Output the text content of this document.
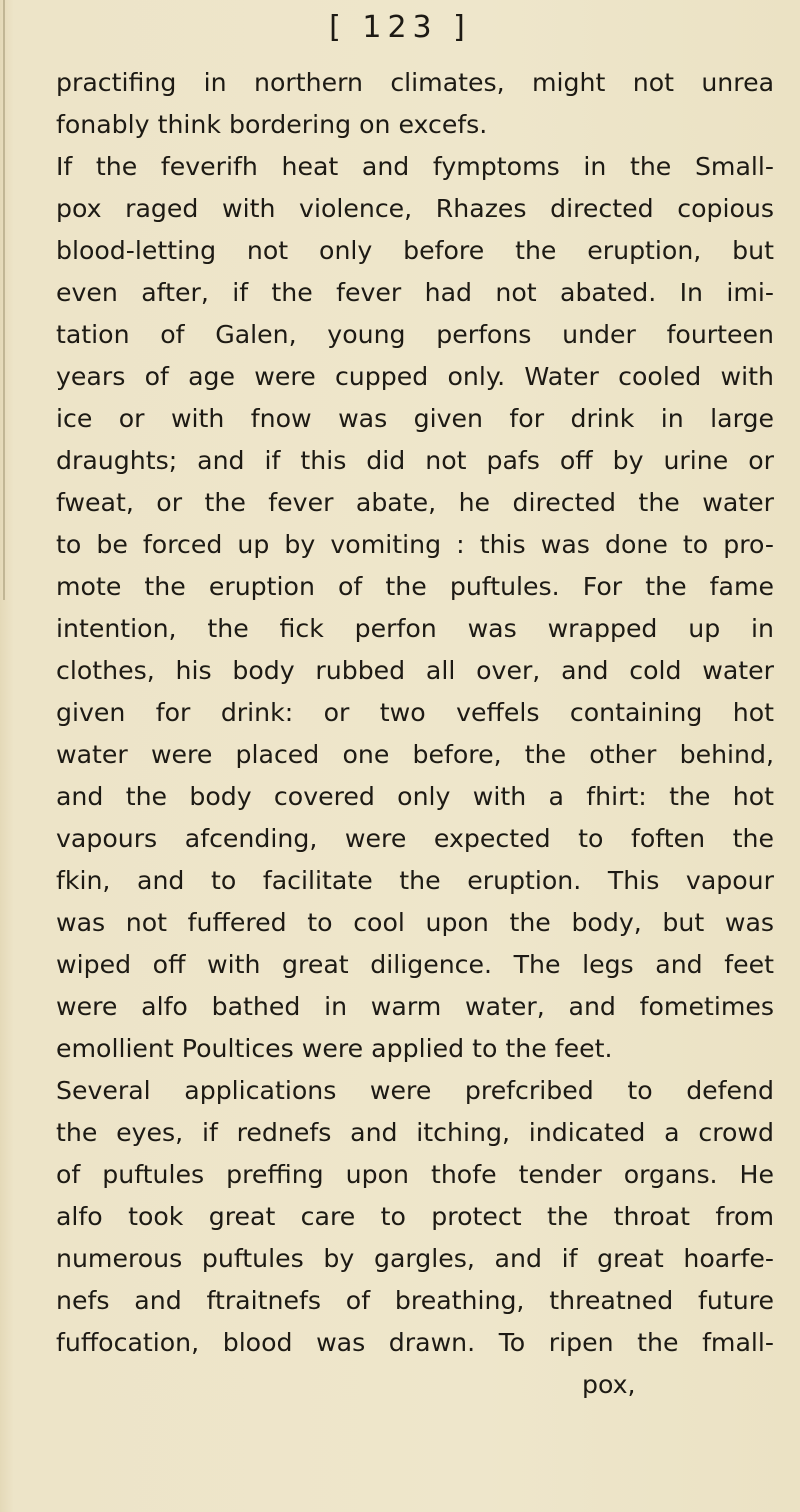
[ 123 ]
practifing in northern climates, might not unrea
fonably think bordering on excefs.
If the feverifh heat and fymptoms in the Small-
pox raged with violence, Rhazes directed copious
blood-letting not only before the eruption, but
even after, if the fever had not abated. In imi-
tation of Galen, young perfons under fourteen
years of age were cupped only. Water cooled with
ice or with fnow was given for drink in large
draughts; and if this did not pafs off by urine or
fweat, or the fever abate, he directed the water
to be forced up by vomiting : this was done to pro-
mote the eruption of the puftules. For the fame
intention, the fick perfon was wrapped up in
clothes, his body rubbed all over, and cold water
given for drink: or two veffels containing hot
water were placed one before, the other behind,
and the body covered only with a fhirt: the hot
vapours afcending, were expected to foften the
fkin, and to facilitate the eruption. This vapour
was not fuffered to cool upon the body, but was
wiped off with great diligence. The legs and feet
were alfo bathed in warm water, and fometimes
emollient Poultices were applied to the feet.
Several applications were prefcribed to defend
the eyes, if rednefs and itching, indicated a crowd
of puftules preffing upon thofe tender organs. He
alfo took great care to protect the throat from
numerous puftules by gargles, and if great hoarfe-
nefs and ftraitnefs of breathing, threatned future
fuffocation, blood was drawn. To ripen the fmall-
pox,
